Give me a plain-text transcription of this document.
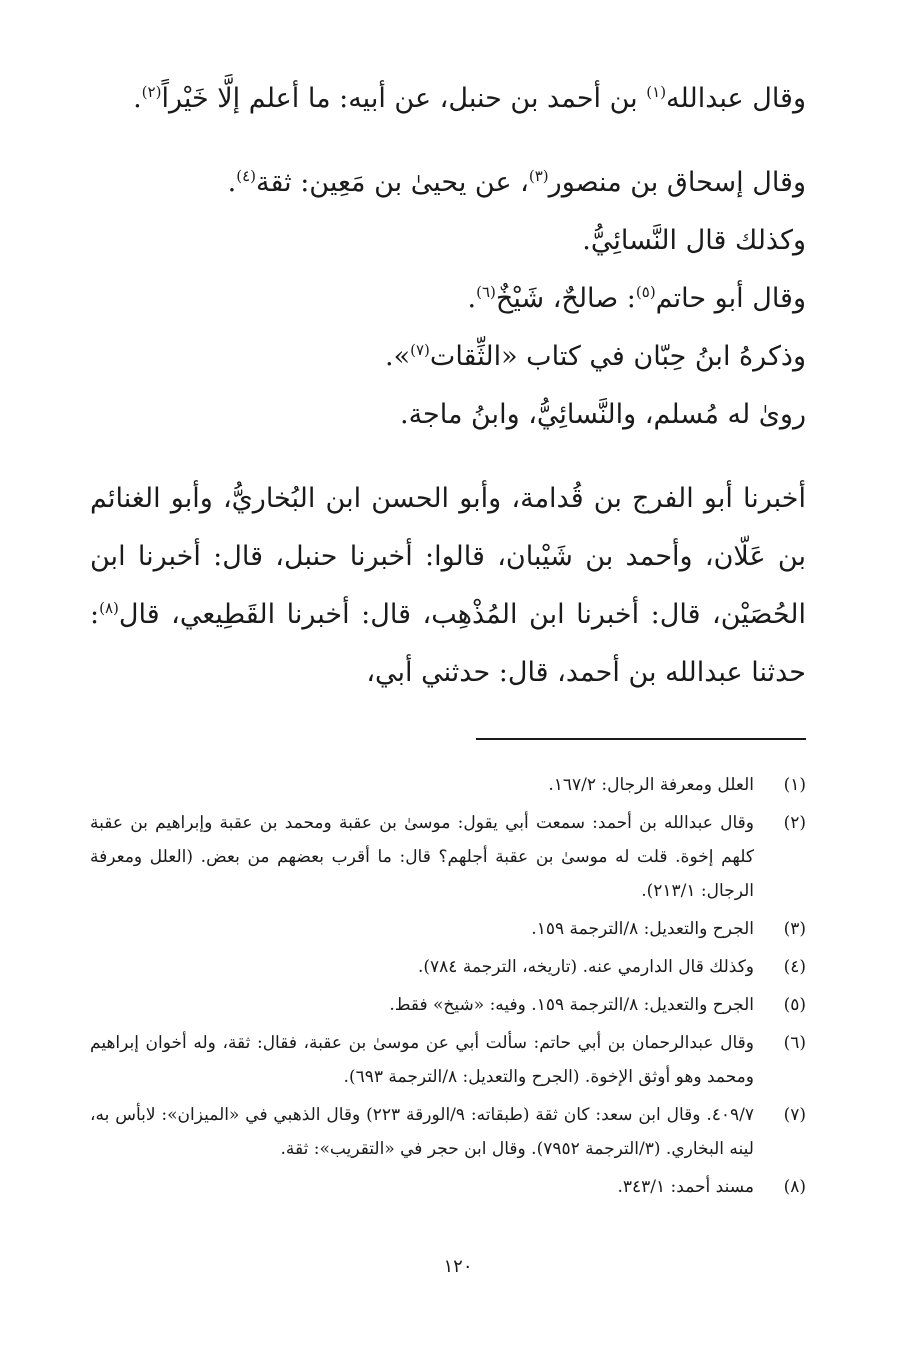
وقال عبدالله$^{(١)}$ بن أحمد بن حنبل، عن أبيه: ما أعلم إلَّا خَيْراً$^{(٢)}$.

وقال إسحاق بن منصور$^{(٣)}$، عن يحيىٰ بن مَعِين: ثقة$^{(٤)}$.

وكذلك قال النَّسائِيُّ.

وقال أبو حاتم$^{(٥)}$: صالحٌ، شَيْخٌ$^{(٦)}$.

وذكرهُ ابنُ حِبّان في كتاب «الثِّقات$^{(٧)}$».

رویٰ له مُسلم، والنَّسائِيُّ، وابنُ ماجة.

أخبرنا أبو الفرج بن قُدامة، وأبو الحسن ابن البُخاريُّ، وأبو الغنائم بن عَلّان، وأحمد بن شَيْبان، قالوا: أخبرنا حنبل، قال: أخبرنا ابن الحُصَيْن، قال: أخبرنا ابن المُذْهِب، قال: أخبرنا القَطِيعي، قال$^{(٨)}$: حدثنا عبدالله بن أحمد، قال: حدثني أبي،

(١)
العلل ومعرفة الرجال: ١٦٧/٢.
(٢)
وقال عبدالله بن أحمد: سمعت أبي يقول: موسىٰ بن عقبة ومحمد بن عقبة وإبراهيم بن عقبة كلهم إخوة. قلت له موسىٰ بن عقبة أجلهم؟ قال: ما أقرب بعضهم من بعض. (العلل ومعرفة الرجال: ٢١٣/١).
(٣)
الجرح والتعديل: ٨/الترجمة ١٥٩.
(٤)
وكذلك قال الدارمي عنه. (تاريخه، الترجمة ٧٨٤).
(٥)
الجرح والتعديل: ٨/الترجمة ١٥٩. وفيه: «شيخ» فقط.
(٦)
وقال عبدالرحمان بن أبي حاتم: سألت أبي عن موسىٰ بن عقبة، فقال: ثقة، وله أخوان إبراهيم ومحمد وهو أوثق الإخوة. (الجرح والتعديل: ٨/الترجمة ٦٩٣).
(٧)
٤٠٩/٧. وقال ابن سعد: كان ثقة (طبقاته: ٩/الورقة ٢٢٣) وقال الذهبي في «الميزان»: لابأس به، لينه البخاري. (٣/الترجمة ٧٩٥٢). وقال ابن حجر في «التقريب»: ثقة.
(٨)
مسند أحمد: ٣٤٣/١.
١٢٠
